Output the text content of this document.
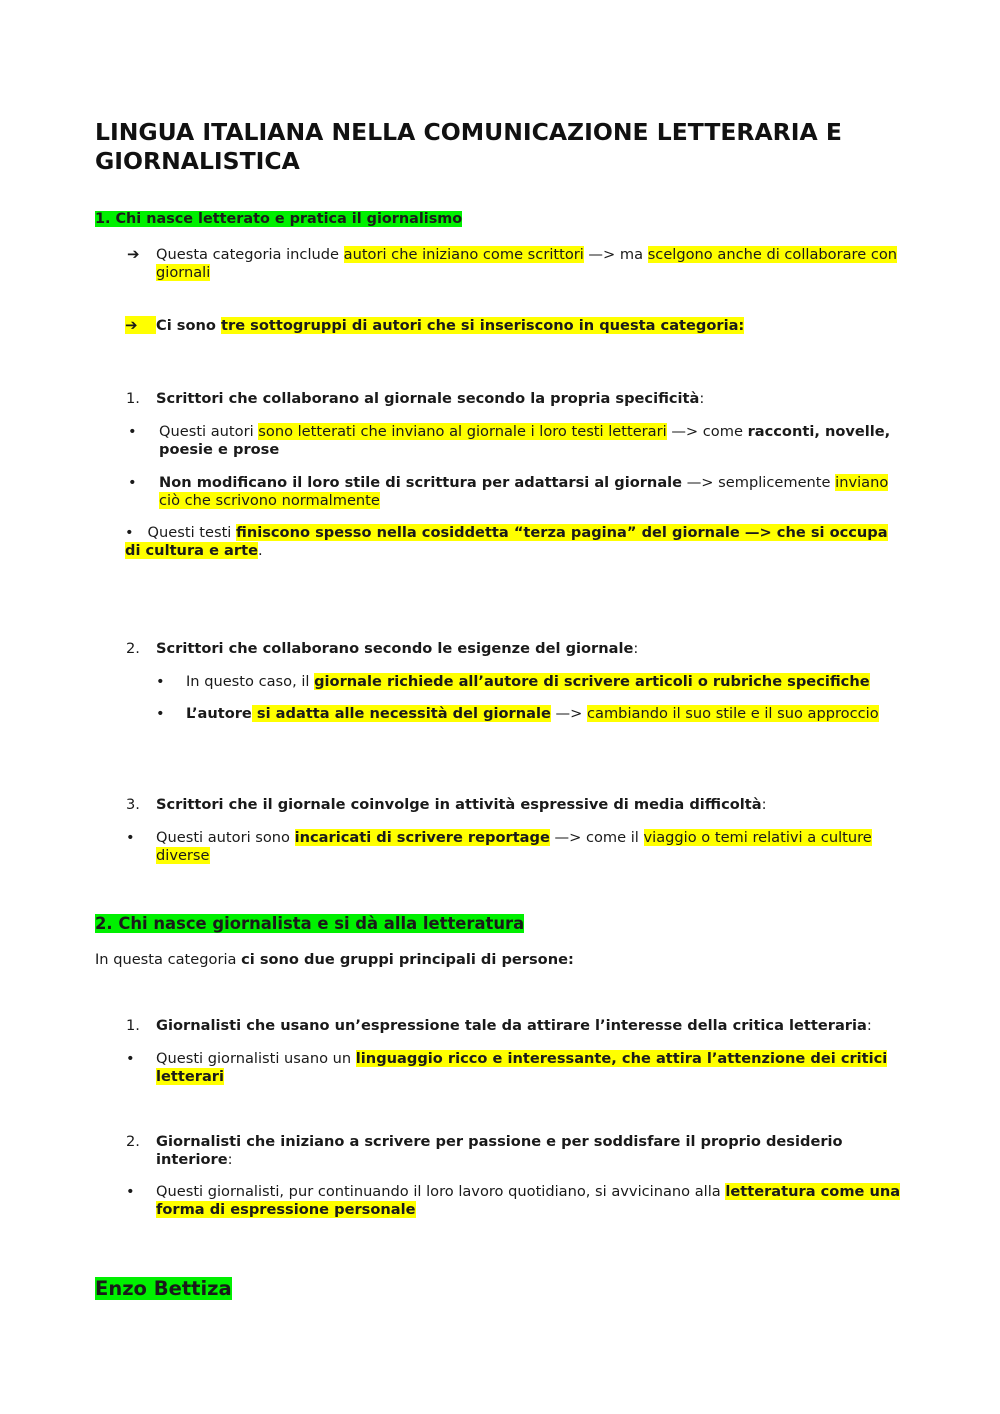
LINGUA ITALIANA NELLA COMUNICAZIONE LETTERARIA E GIORNALISTICA
1. Chi nasce letterato e pratica il giornalismo
➔ Questa categoria include autori che iniziano come scrittori —> ma scelgono anche di collaborare con giornali
➔	Ci sono tre sottogruppi di autori che si inseriscono in questa categoria:
1. Scrittori che collaborano al giornale secondo la propria specificità:
• Questi autori sono letterati che inviano al giornale i loro testi letterari —> come racconti, novelle, poesie e prose
• Non modificano il loro stile di scrittura per adattarsi al giornale —> semplicemente inviano ciò che scrivono normalmente
•   Questi testi finiscono spesso nella cosiddetta “terza pagina” del giornale —> che si occupa di cultura e arte.
2. Scrittori che collaborano secondo le esigenze del giornale:
• In questo caso, il giornale richiede all’autore di scrivere articoli o rubriche specifiche
• L’autore si adatta alle necessità del giornale —> cambiando il suo stile e il suo approccio
3. Scrittori che il giornale coinvolge in attività espressive di media difficoltà:
• Questi autori sono incaricati di scrivere reportage —> come il viaggio o temi relativi a culture diverse
2. Chi nasce giornalista e si dà alla letteratura
In questa categoria ci sono due gruppi principali di persone:
1. Giornalisti che usano un’espressione tale da attirare l’interesse della critica letteraria:
• Questi giornalisti usano un linguaggio ricco e interessante, che attira l’attenzione dei critici letterari
2. Giornalisti che iniziano a scrivere per passione e per soddisfare il proprio desiderio interiore:
• Questi giornalisti, pur continuando il loro lavoro quotidiano, si avvicinano alla letteratura come una forma di espressione personale
Enzo Bettiza
